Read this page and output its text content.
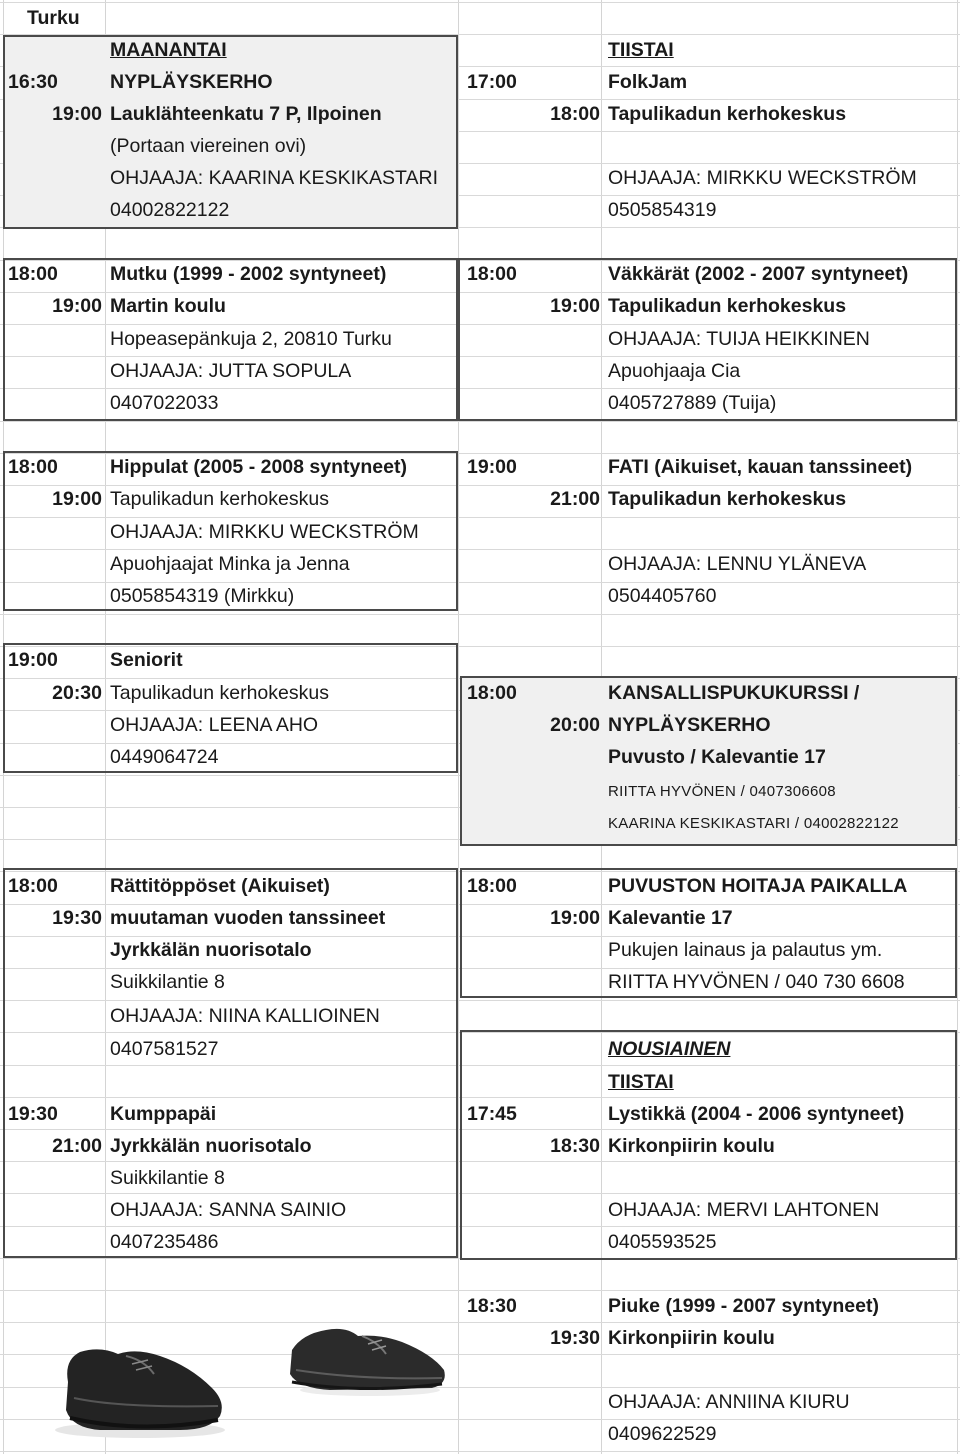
Turku
MAANANTAI	TIISTAI
16:30
19:00
NYPLÄYSKERHO
Lauklähteenkatu 7 P, Ilpoinen
(Portaan viereinen ovi)
OHJAAJA: KAARINA KESKIKASTARI
04002822122
17:00
18:00
FolkJam
Tapulikadun kerhokeskus
OHJAAJA: MIRKKU WECKSTRÖM
0505854319
18:00
19:00
Mutku (1999 - 2002 syntyneet)
Martin koulu
Hopeasepänkuja 2, 20810 Turku
OHJAAJA: JUTTA SOPULA
0407022033
18:00
19:00
Väkkärät (2002 - 2007 syntyneet)
Tapulikadun kerhokeskus
OHJAAJA: TUIJA HEIKKINEN
Apuohjaaja Cia
0405727889 (Tuija)
18:00
19:00
Hippulat (2005 - 2008 syntyneet)
Tapulikadun kerhokeskus
OHJAAJA: MIRKKU WECKSTRÖM
Apuohjaajat Minka ja Jenna
0505854319 (Mirkku)
19:00
21:00
FATI (Aikuiset, kauan tanssineet)
Tapulikadun kerhokeskus
OHJAAJA: LENNU YLÄNEVA
0504405760
19:00
20:30
Seniorit
Tapulikadun kerhokeskus
OHJAAJA: LEENA AHO
0449064724
18:00
20:00
KANSALLISPUKUKURSSI /
NYPLÄYSKERHO
Puvusto / Kalevantie 17
RIITTA HYVÖNEN / 0407306608
KAARINA KESKIKASTARI / 04002822122
18:00
19:30
Rättitöppöset (Aikuiset)
muutaman vuoden tanssineet
Jyrkkälän nuorisotalo
Suikkilantie 8
OHJAAJA: NIINA KALLIOINEN
0407581527
18:00
19:00
PUVUSTON HOITAJA PAIKALLA
Kalevantie 17
Pukujen lainaus ja palautus ym.
RIITTA HYVÖNEN / 040 730 6608
NOUSIAINEN
TIISTAI
19:30
21:00
Kumppapäi
Jyrkkälän nuorisotalo
Suikkilantie 8
OHJAAJA: SANNA SAINIO
0407235486
17:45
18:30
Lystikkä (2004 - 2006 syntyneet)
Kirkonpiirin koulu
OHJAAJA: MERVI LAHTONEN
0405593525
18:30
19:30
Piuke (1999 - 2007 syntyneet)
Kirkonpiirin koulu
OHJAAJA: ANNIINA KIURU
0409622529
